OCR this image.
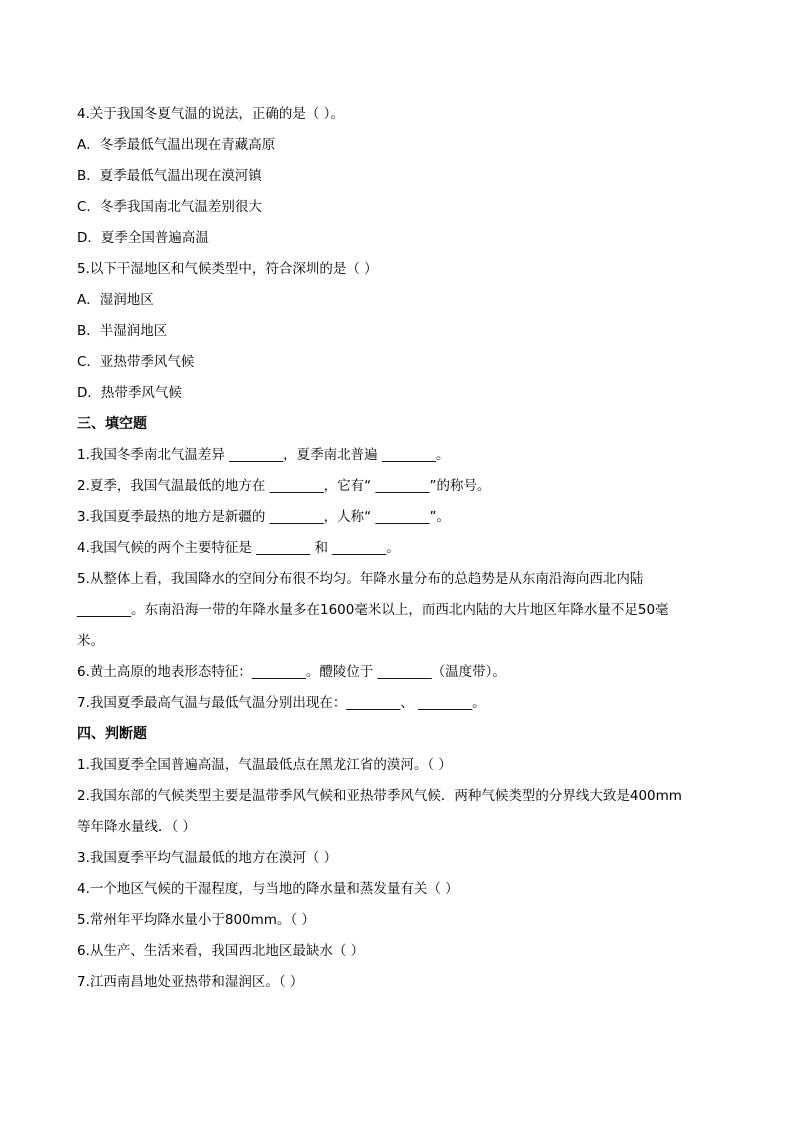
4.关于我国冬夏气温的说法，正确的是（ ）。
A．冬季最低气温出现在青藏高原
B．夏季最低气温出现在漠河镇
C．冬季我国南北气温差别很大
D．夏季全国普遍高温
5.以下干湿地区和气候类型中，符合深圳的是（ ）
A．湿润地区
B．半湿润地区
C．亚热带季风气候
D．热带季风气候
三、填空题
1.我国冬季南北气温差异 ________，夏季南北普遍 ________。
2.夏季，我国气温最低的地方在 ________，它有“ ________”的称号。
3.我国夏季最热的地方是新疆的 ________，人称“ ________”。
4.我国气候的两个主要特征是 ________ 和 ________。
5.从整体上看，我国降水的空间分布很不均匀。年降水量分布的总趋势是从东南沿海向西北内陆
________。东南沿海一带的年降水量多在1600毫米以上，而西北内陆的大片地区年降水量不足50毫
米。
6.黄土高原的地表形态特征：________。醴陵位于 ________（温度带）。
7.我国夏季最高气温与最低气温分别出现在：________、 ________。
四、判断题
1.我国夏季全国普遍高温，气温最低点在黑龙江省的漠河。（ ）
2.我国东部的气候类型主要是温带季风气候和亚热带季风气候．两种气候类型的分界线大致是400mm
等年降水量线．（ ）
3.我国夏季平均气温最低的地方在漠河（ ）
4.一个地区气候的干湿程度，与当地的降水量和蒸发量有关（ ）
5.常州年平均降水量小于800mm。（ ）
6.从生产、生活来看，我国西北地区最缺水（ ）
7.江西南昌地处亚热带和湿润区。（ ）
